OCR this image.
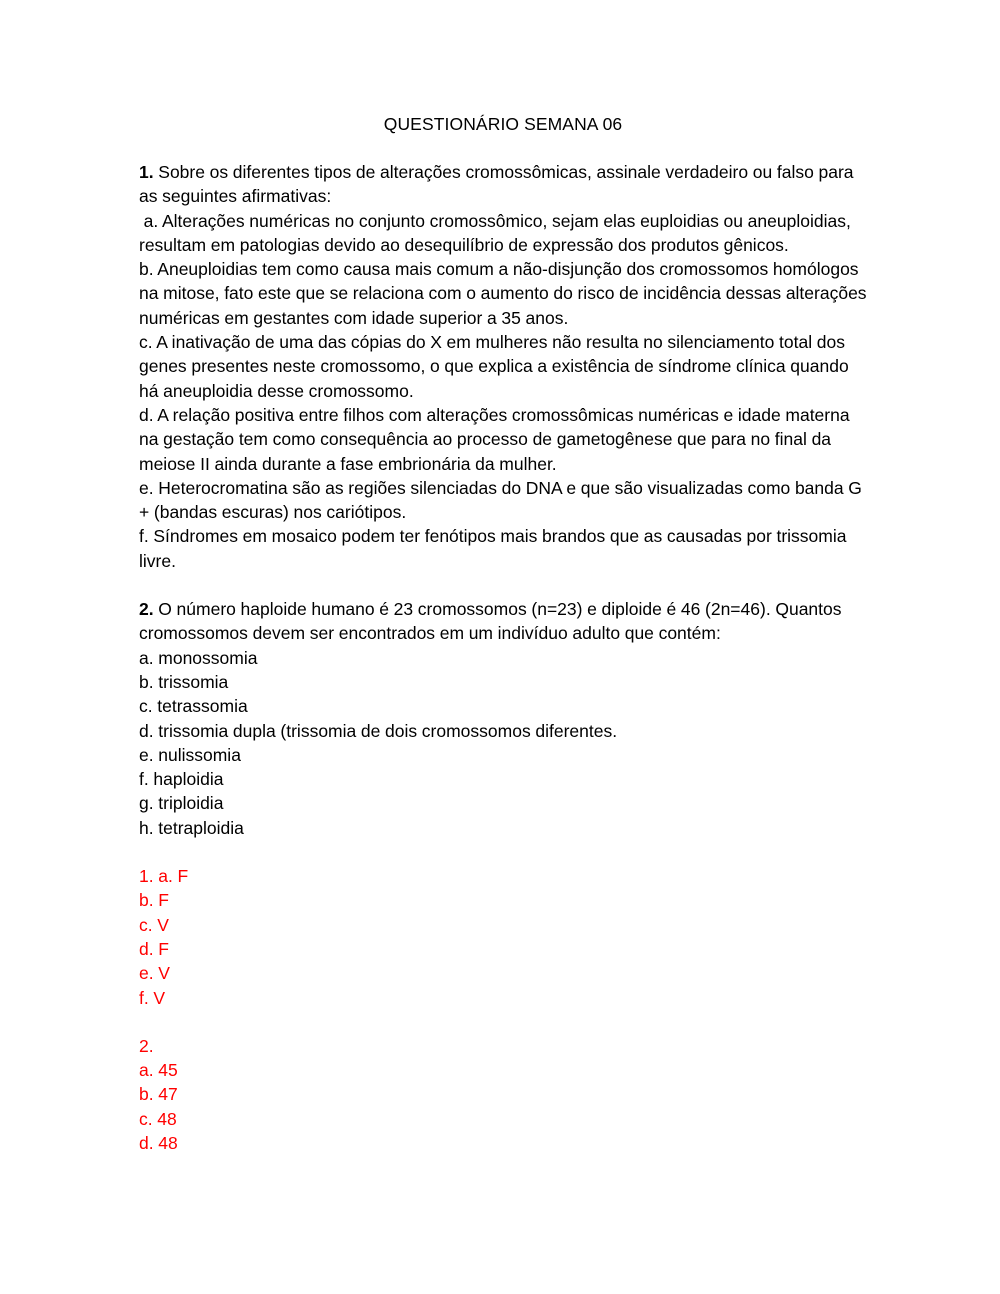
QUESTIONÁRIO SEMANA 06

1. Sobre os diferentes tipos de alterações cromossômicas, assinale verdadeiro ou falso para as seguintes afirmativas:

a. Alterações numéricas no conjunto cromossômico, sejam elas euploidias ou aneuploidias, resultam em patologias devido ao desequilíbrio de expressão dos produtos gênicos.

b. Aneuploidias tem como causa mais comum a não-disjunção dos cromossomos homólogos na mitose, fato este que se relaciona com o aumento do risco de incidência dessas alterações numéricas em gestantes com idade superior a 35 anos.

c. A inativação de uma das cópias do X em mulheres não resulta no silenciamento total dos genes presentes neste cromossomo, o que explica a existência de síndrome clínica quando há aneuploidia desse cromossomo.

d. A relação positiva entre filhos com alterações cromossômicas numéricas e idade materna na gestação tem como consequência ao processo de gametogênese que para no final da meiose II ainda durante a fase embrionária da mulher.

e. Heterocromatina são as regiões silenciadas do DNA e que são visualizadas como banda G + (bandas escuras) nos cariótipos.

f. Síndromes em mosaico podem ter fenótipos mais brandos que as causadas por trissomia livre.

2. O número haploide humano é 23 cromossomos (n=23) e diploide é 46 (2n=46). Quantos cromossomos devem ser encontrados em um indivíduo adulto que contém:

a. monossomia

b. trissomia

c. tetrassomia

d. trissomia dupla (trissomia de dois cromossomos diferentes.

e. nulissomia

f. haploidia

g. triploidia

h. tetraploidia

1. a. F

b. F

c. V

d. F

e. V

f. V

2.

a. 45

b. 47

c. 48

d. 48
